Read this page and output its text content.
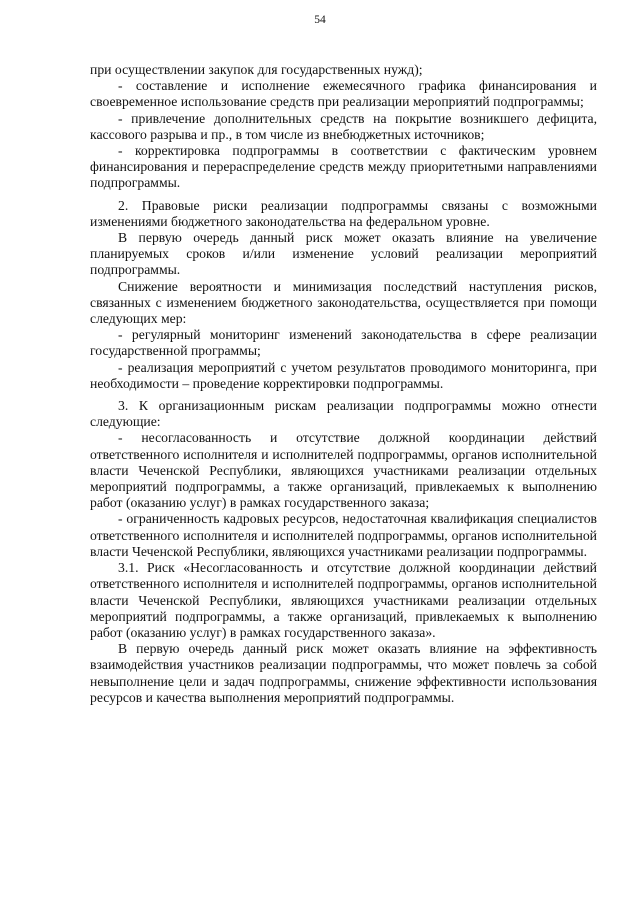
54

при осуществлении закупок для государственных нужд);

- составление и исполнение ежемесячного графика финансирования и своевременное использование средств при реализации мероприятий подпрограммы;

- привлечение дополнительных средств на покрытие возникшего дефицита, кассового разрыва и пр., в том числе из внебюджетных источников;

- корректировка подпрограммы в соответствии с фактическим уровнем финансирования и перераспределение средств между приоритетными направлениями подпрограммы.

2. Правовые риски реализации подпрограммы связаны с возможными изменениями бюджетного законодательства на федеральном уровне.

В первую очередь данный риск может оказать влияние на увеличение планируемых сроков и/или изменение условий реализации мероприятий подпрограммы.

Снижение вероятности и минимизация последствий наступления рисков, связанных с изменением бюджетного законодательства, осуществляется при помощи следующих мер:

- регулярный мониторинг изменений законодательства в сфере реализации государственной программы;

- реализация мероприятий с учетом результатов проводимого мониторинга, при необходимости – проведение корректировки подпрограммы.

3. К организационным рискам реализации подпрограммы можно отнести следующие:

- несогласованность и отсутствие должной координации действий ответственного исполнителя и исполнителей подпрограммы, органов исполнительной власти Чеченской Республики, являющихся участниками реализации отдельных мероприятий подпрограммы, а также организаций, привлекаемых к выполнению работ (оказанию услуг) в рамках государственного заказа;

- ограниченность кадровых ресурсов, недостаточная квалификация специалистов ответственного исполнителя и исполнителей подпрограммы, органов исполнительной власти Чеченской Республики, являющихся участниками реализации подпрограммы.

3.1. Риск «Несогласованность и отсутствие должной координации действий ответственного исполнителя и исполнителей подпрограммы, органов исполнительной власти Чеченской Республики, являющихся участниками реализации отдельных мероприятий подпрограммы, а также организаций, привлекаемых к выполнению работ (оказанию услуг) в рамках государственного заказа».

В первую очередь данный риск может оказать влияние на эффективность взаимодействия участников реализации подпрограммы, что может повлечь за собой невыполнение цели и задач подпрограммы, снижение эффективности использования ресурсов и качества выполнения мероприятий подпрограммы.
